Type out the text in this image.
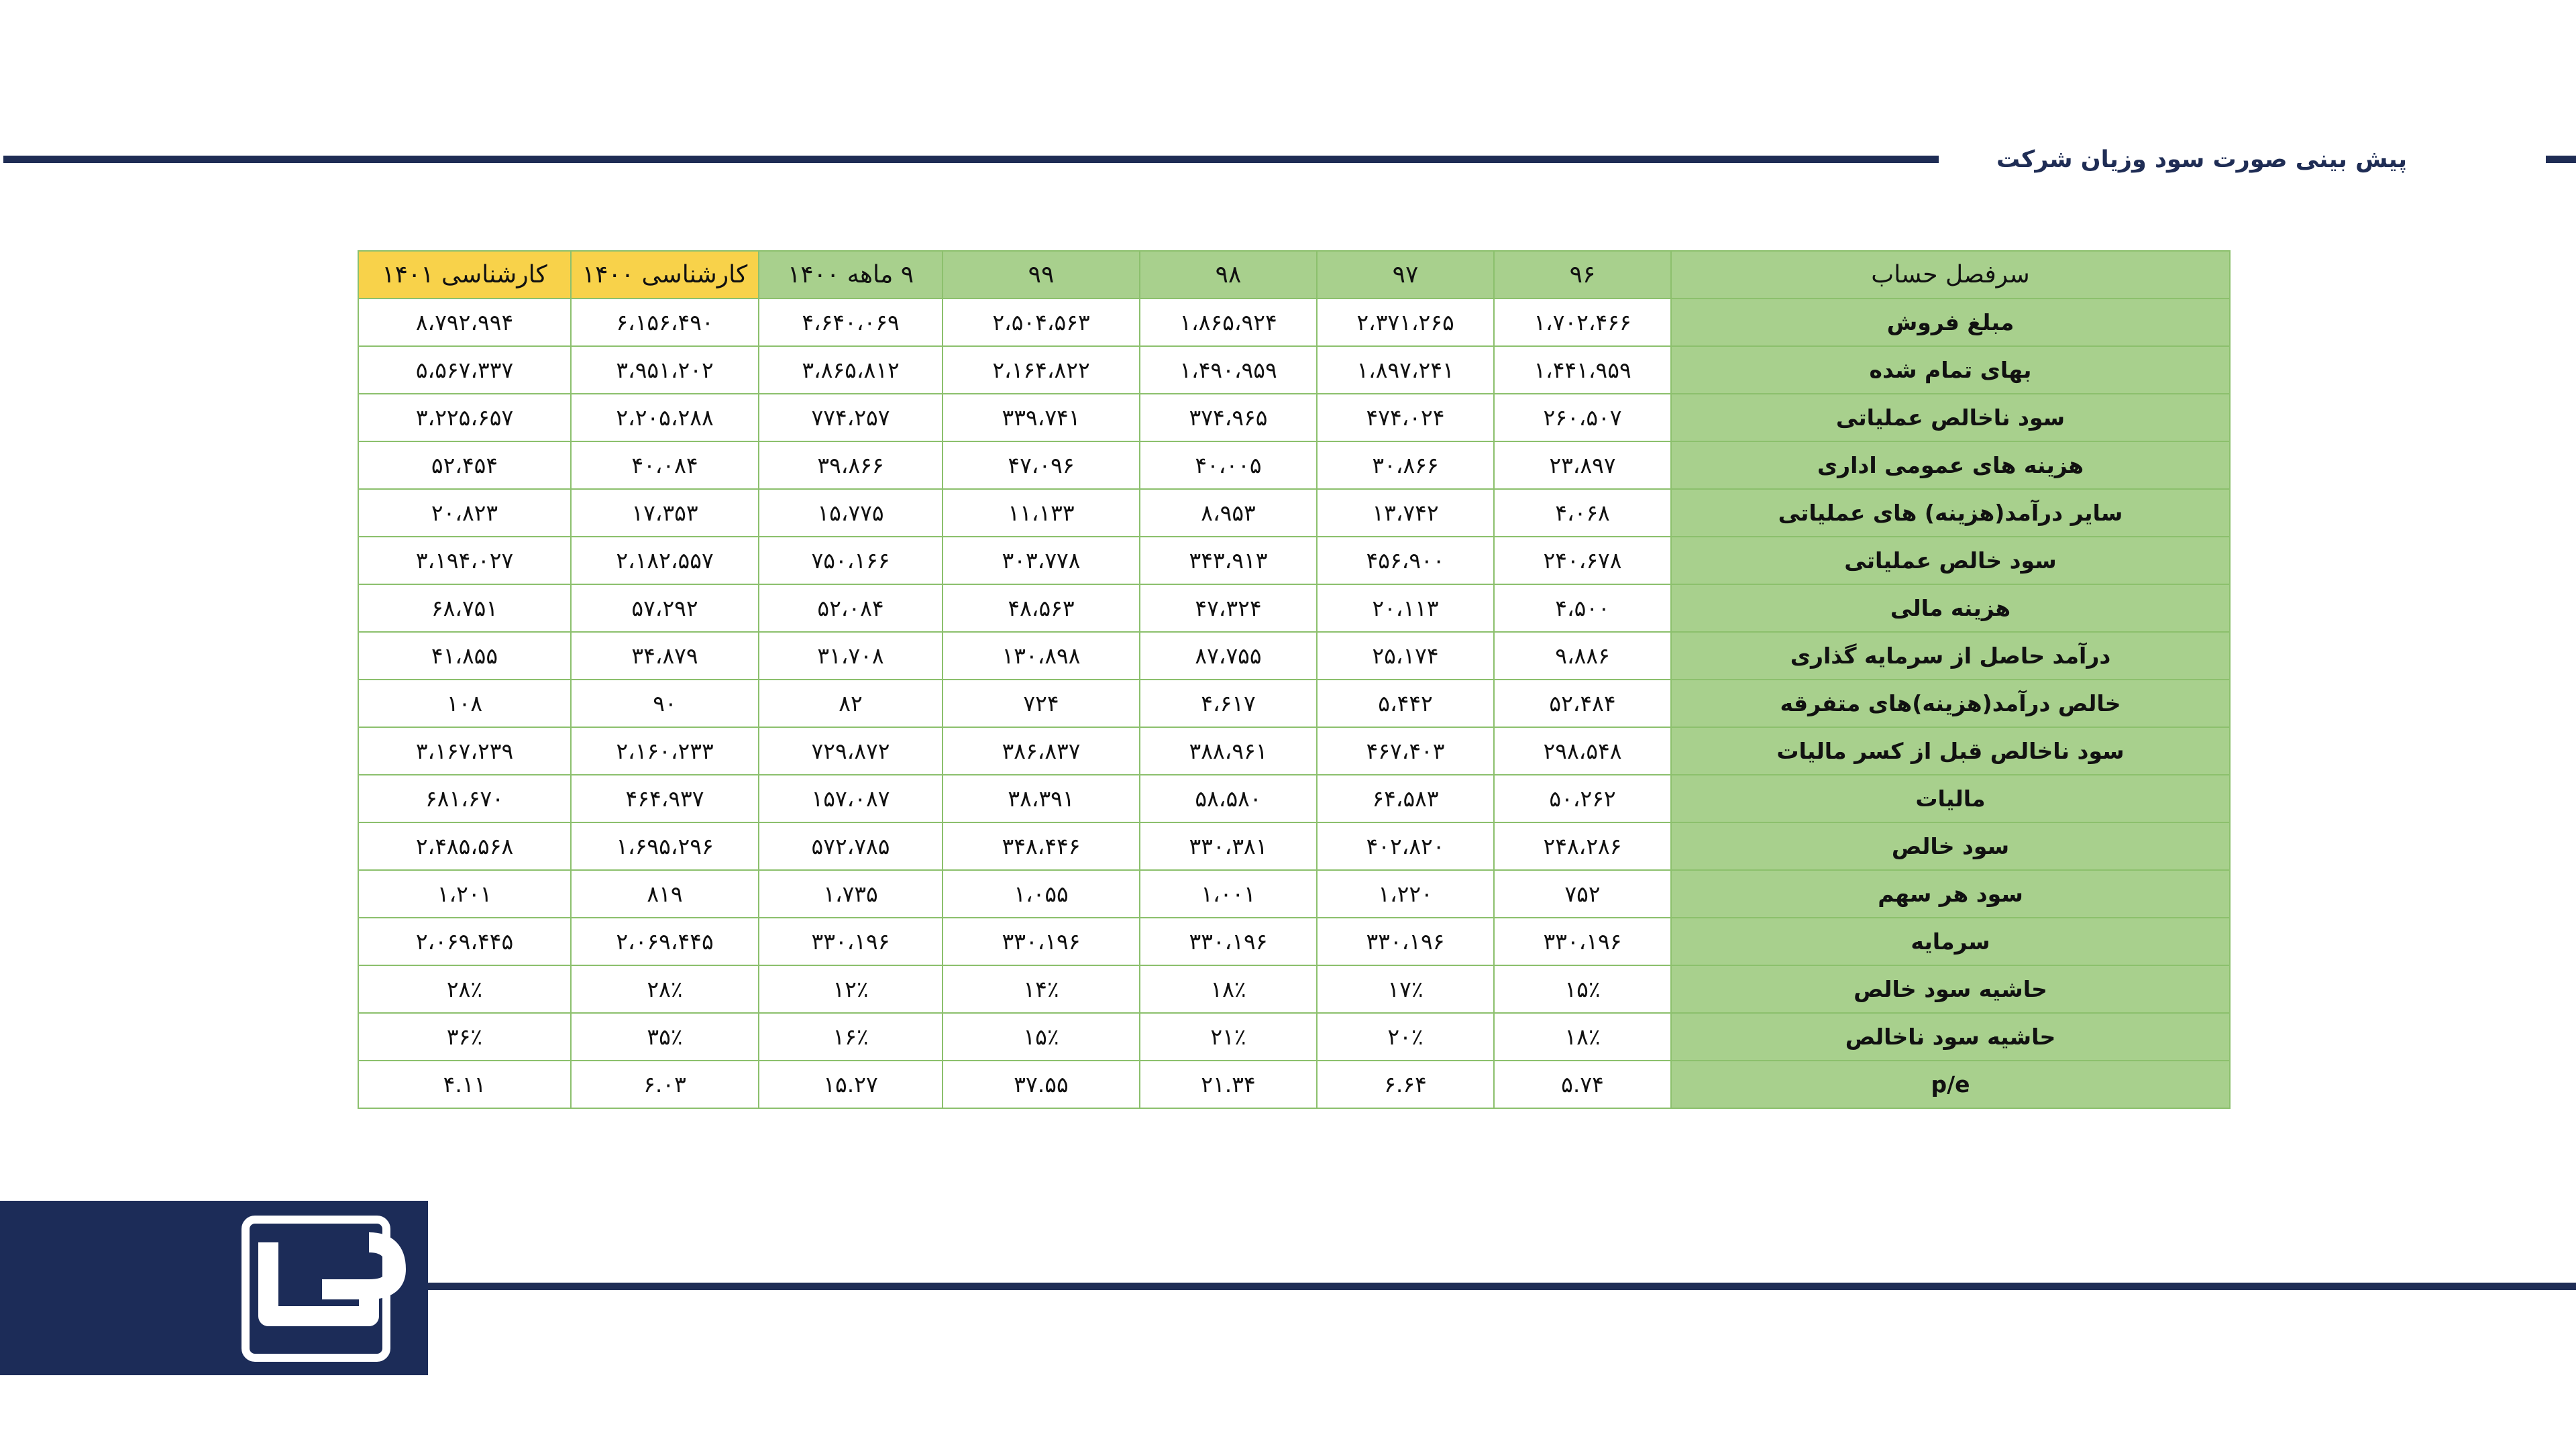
پیش بینی صورت سود وزیان شرکت
سرفصل حساب	۹۶	۹۷	۹۸	۹۹	۹ ماهه ۱۴۰۰	کارشناسی ۱۴۰۰	کارشناسی ۱۴۰۱
مبلغ فروش	۱،۷۰۲،۴۶۶	۲،۳۷۱،۲۶۵	۱،۸۶۵،۹۲۴	۲،۵۰۴،۵۶۳	۴،۶۴۰،۰۶۹	۶،۱۵۶،۴۹۰	۸،۷۹۲،۹۹۴
بهای تمام شده	۱،۴۴۱،۹۵۹	۱،۸۹۷،۲۴۱	۱،۴۹۰،۹۵۹	۲،۱۶۴،۸۲۲	۳،۸۶۵،۸۱۲	۳،۹۵۱،۲۰۲	۵،۵۶۷،۳۳۷
سود ناخالص عملیاتی	۲۶۰،۵۰۷	۴۷۴،۰۲۴	۳۷۴،۹۶۵	۳۳۹،۷۴۱	۷۷۴،۲۵۷	۲،۲۰۵،۲۸۸	۳،۲۲۵،۶۵۷
هزینه های عمومی اداری	۲۳،۸۹۷	۳۰،۸۶۶	۴۰،۰۰۵	۴۷،۰۹۶	۳۹،۸۶۶	۴۰،۰۸۴	۵۲،۴۵۴
سایر درآمد(هزینه) های عملیاتی	۴،۰۶۸	۱۳،۷۴۲	۸،۹۵۳	۱۱،۱۳۳	۱۵،۷۷۵	۱۷،۳۵۳	۲۰،۸۲۳
سود خالص عملیاتی	۲۴۰،۶۷۸	۴۵۶،۹۰۰	۳۴۳،۹۱۳	۳۰۳،۷۷۸	۷۵۰،۱۶۶	۲،۱۸۲،۵۵۷	۳،۱۹۴،۰۲۷
هزینه مالی	۴،۵۰۰	۲۰،۱۱۳	۴۷،۳۲۴	۴۸،۵۶۳	۵۲،۰۸۴	۵۷،۲۹۲	۶۸،۷۵۱
درآمد حاصل از سرمایه گذاری	۹،۸۸۶	۲۵،۱۷۴	۸۷،۷۵۵	۱۳۰،۸۹۸	۳۱،۷۰۸	۳۴،۸۷۹	۴۱،۸۵۵
خالص درآمد(هزینه)های متفرقه	۵۲،۴۸۴	۵،۴۴۲	۴،۶۱۷	۷۲۴	۸۲	۹۰	۱۰۸
سود ناخالص قبل از کسر مالیات	۲۹۸،۵۴۸	۴۶۷،۴۰۳	۳۸۸،۹۶۱	۳۸۶،۸۳۷	۷۲۹،۸۷۲	۲،۱۶۰،۲۳۳	۳،۱۶۷،۲۳۹
مالیات	۵۰،۲۶۲	۶۴،۵۸۳	۵۸،۵۸۰	۳۸،۳۹۱	۱۵۷،۰۸۷	۴۶۴،۹۳۷	۶۸۱،۶۷۰
سود خالص	۲۴۸،۲۸۶	۴۰۲،۸۲۰	۳۳۰،۳۸۱	۳۴۸،۴۴۶	۵۷۲،۷۸۵	۱،۶۹۵،۲۹۶	۲،۴۸۵،۵۶۸
سود هر سهم	۷۵۲	۱،۲۲۰	۱،۰۰۱	۱،۰۵۵	۱،۷۳۵	۸۱۹	۱،۲۰۱
سرمایه	۳۳۰،۱۹۶	۳۳۰،۱۹۶	۳۳۰،۱۹۶	۳۳۰،۱۹۶	۳۳۰،۱۹۶	۲،۰۶۹،۴۴۵	۲،۰۶۹،۴۴۵
حاشیه سود خالص	۱۵٪	۱۷٪	۱۸٪	۱۴٪	۱۲٪	۲۸٪	۲۸٪
حاشیه سود ناخالص	۱۸٪	۲۰٪	۲۱٪	۱۵٪	۱۶٪	۳۵٪	۳۶٪
p/e	۵.۷۴	۶.۶۴	۲۱.۳۴	۳۷.۵۵	۱۵.۲۷	۶.۰۳	۴.۱۱
